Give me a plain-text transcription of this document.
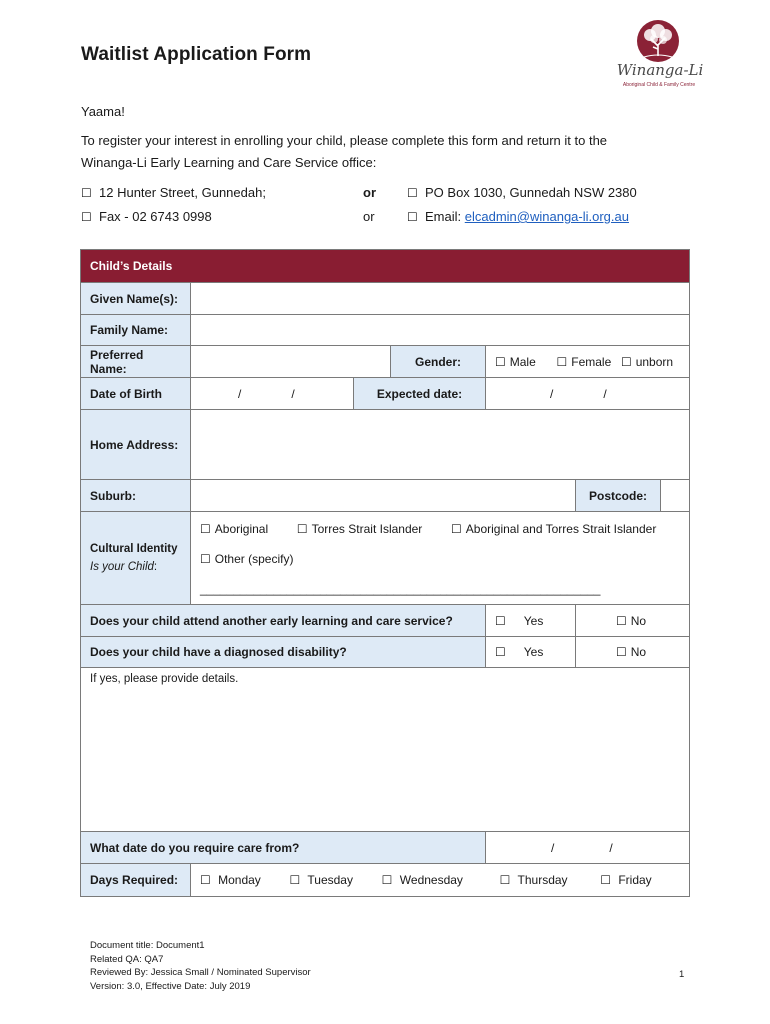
Waitlist Application Form
Winanga-Li
Aboriginal Child & Family Centre
Yaama!
To register your interest in enrolling your child, please complete this form and return it to the
Winanga-Li Early Learning and Care Service office:
☐ 12 Hunter Street, Gunnedah;	or	☐ PO Box 1030, Gunnedah NSW 2380
☐ Fax - 02 6743 0998	or	☐ Email: elcadmin@winanga-li.org.au
Child’s Details						
Given Name(s):						
Family Name:						
Preferred Name:			Gender:	☐ Male ☐ Female ☐ unborn		
Date of Birth	/ /	Expected date:		/ /		
Home Address:						
Suburb:					Postcode:	
Cultural Identity
Is your Child:	☐ Aboriginal ☐ Torres Strait Islander ☐ Aboriginal and Torres Strait Islander
☐ Other (specify) ____________________________________________________________					
Does your child attend another early learning and care service?				☐ Yes	☐ No	
Does your child have a diagnosed disability?				☐ Yes	☐ No	
If yes, please provide details.						
What date do you require care from?				/ /		
Days Required:	☐ Monday ☐ Tuesday ☐ Wednesday ☐ Thursday ☐ Friday					
Document title: Document1
Related QA: QA7
Reviewed By: Jessica Small / Nominated Supervisor
Version: 3.0, Effective Date: July 2019
1
